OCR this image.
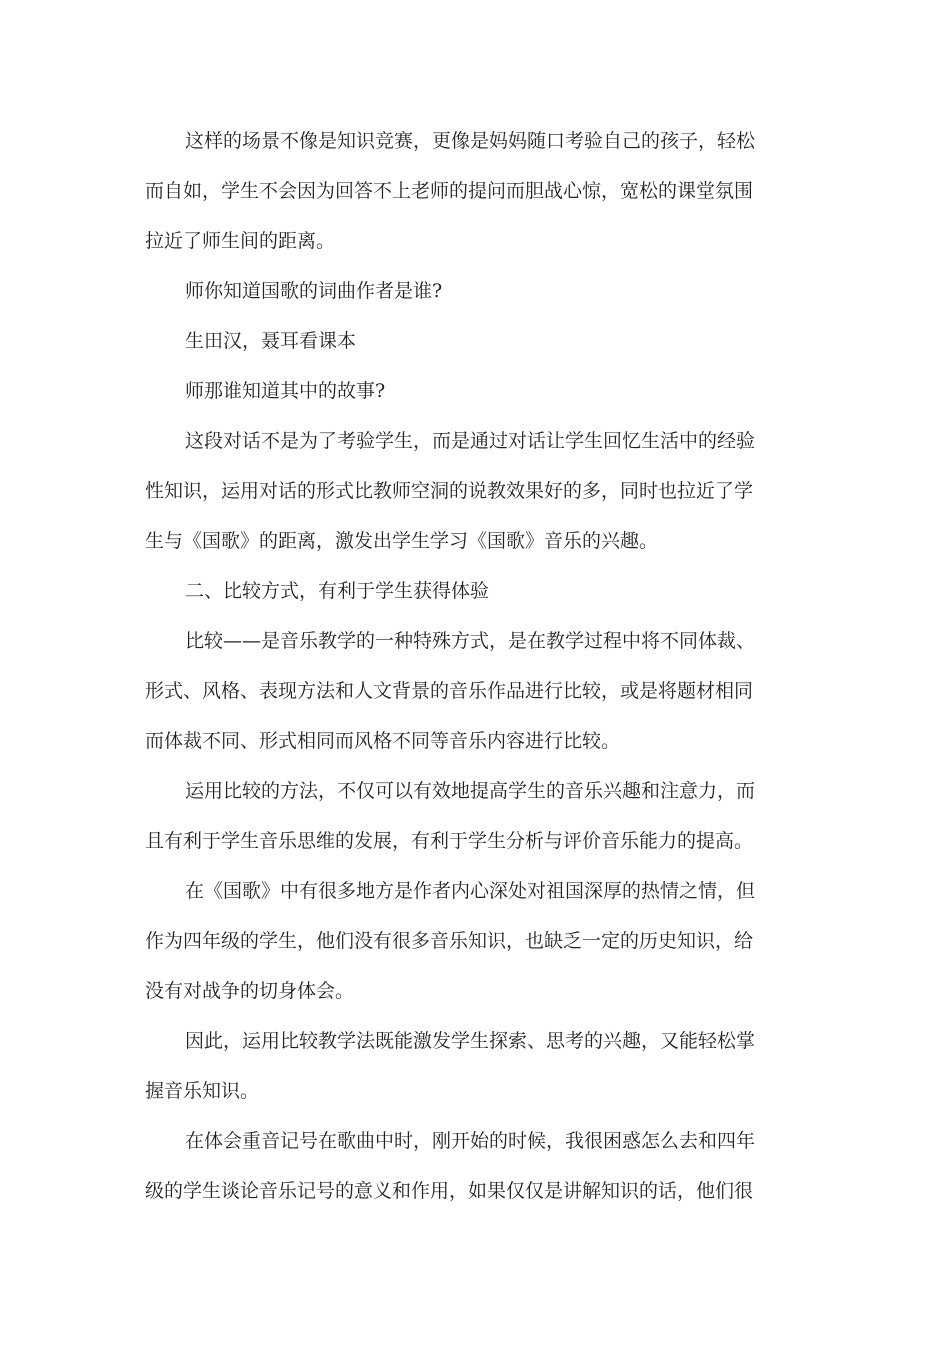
这样的场景不像是知识竞赛，更像是妈妈随口考验自己的孩子，轻松
而自如，学生不会因为回答不上老师的提问而胆战心惊，宽松的课堂氛围
拉近了师生间的距离。

师你知道国歌的词曲作者是谁?

生田汉，聂耳看课本

师那谁知道其中的故事?

这段对话不是为了考验学生，而是通过对话让学生回忆生活中的经验
性知识，运用对话的形式比教师空洞的说教效果好的多，同时也拉近了学
生与《国歌》的距离，激发出学生学习《国歌》音乐的兴趣。

二、比较方式，有利于学生获得体验

比较——是音乐教学的一种特殊方式，是在教学过程中将不同体裁、
形式、风格、表现方法和人文背景的音乐作品进行比较，或是将题材相同
而体裁不同、形式相同而风格不同等音乐内容进行比较。

运用比较的方法，不仅可以有效地提高学生的音乐兴趣和注意力，而
且有利于学生音乐思维的发展，有利于学生分析与评价音乐能力的提高。

在《国歌》中有很多地方是作者内心深处对祖国深厚的热情之情，但
作为四年级的学生，他们没有很多音乐知识，也缺乏一定的历史知识，给
没有对战争的切身体会。

因此，运用比较教学法既能激发学生探索、思考的兴趣，又能轻松掌
握音乐知识。

在体会重音记号在歌曲中时，刚开始的时候，我很困惑怎么去和四年
级的学生谈论音乐记号的意义和作用，如果仅仅是讲解知识的话，他们很
